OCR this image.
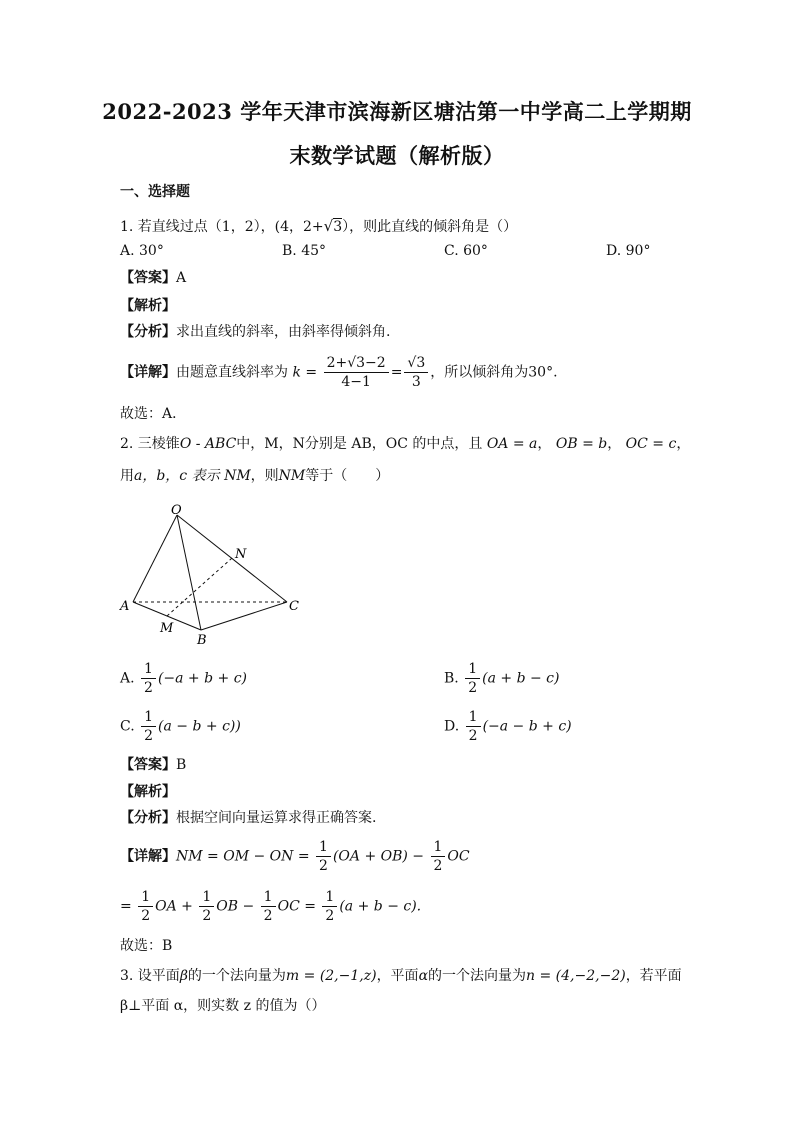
2022-2023 学年天津市滨海新区塘沽第一中学高二上学期期
末数学试题（解析版）
一、选择题
1. 若直线过点（1，2），(4，2+√3），则此直线的倾斜角是（）
A. 30°	B. 45°	C. 60°	D. 90°
【答案】A
【解析】
【分析】求出直线的斜率，由斜率得倾斜角.
【详解】由题意直线斜率为 $k = \frac{2+√3-2}{4-1} = \frac{√3}{3}$ ，所以倾斜角为30°.
故选：A．
2. 三棱锥O - ABC中，M，N分别是 AB，OC 的中点，且 OA = a， OB = b， OC = c，
用a，b，c 表示 NM，则NM等于（　　）
O
N
A	C
M
B
A. $\frac{1}{2} (-a + b + c)$	B. $\frac{1}{2} (a + b - c)$
C. $\frac{1}{2} (a - b + c)$)	D. $\frac{1}{2} (-a - b + c)$
【答案】B
【解析】
【分析】根据空间向量运算求得正确答案.
【详解】NM = OM − ON = $\frac{1}{2} (OA + OB) - \frac{1}{2}$ OC
= $\frac{1}{2}$ OA + $\frac{1}{2}$ OB − $\frac{1}{2}$ OC = $\frac{1}{2} (a + b - c)$.
故选：B
3. 设平面β的一个法向量为m = (2,−1,z)，平面α的一个法向量为n = (4,−2,−2)，若平面
β⊥平面 α，则实数 z 的值为（）
